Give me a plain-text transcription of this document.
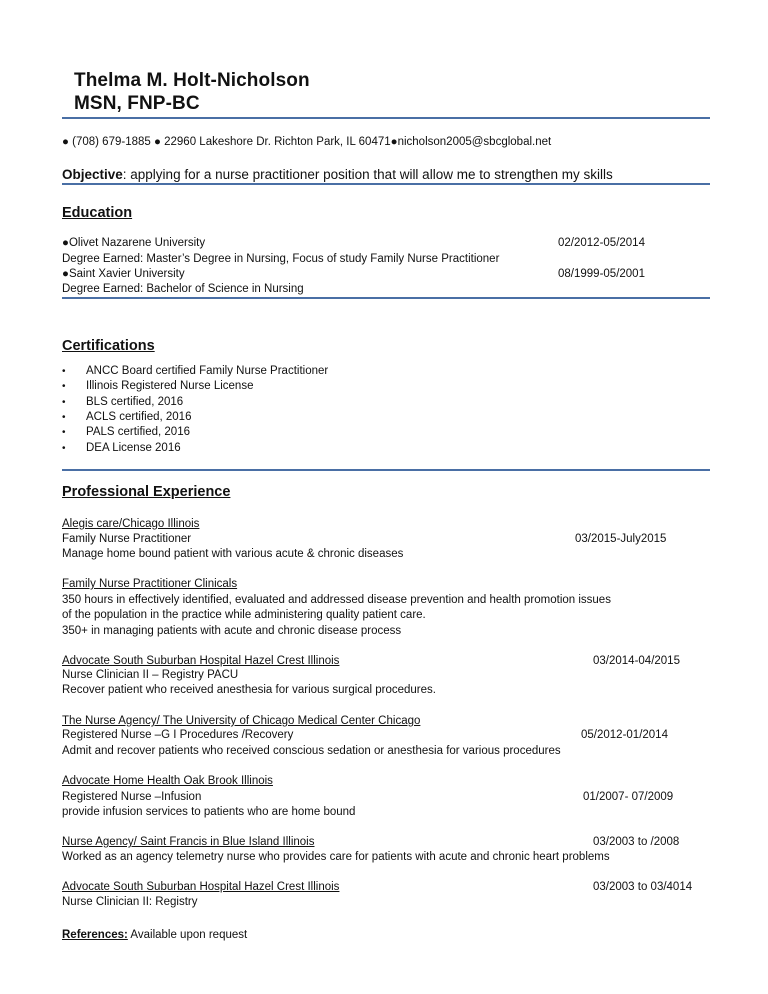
Thelma M. Holt-Nicholson
MSN, FNP-BC
● (708) 679-1885 ● 22960 Lakeshore Dr. Richton Park, IL 60471●nicholson2005@sbcglobal.net
Objective: applying for a nurse practitioner position that will allow me to strengthen my skills
Education
●Olivet Nazarene University	02/2012-05/2014
Degree Earned: Master’s Degree in Nursing, Focus of study Family Nurse Practitioner
●Saint Xavier University	08/1999-05/2001
Degree Earned: Bachelor of Science in Nursing
Certifications
• ANCC Board certified Family Nurse Practitioner
• Illinois Registered Nurse License
• BLS certified, 2016
• ACLS certified, 2016
• PALS certified, 2016
• DEA License 2016
Professional Experience
Alegis care/Chicago Illinois
Family Nurse Practitioner	03/2015-July2015
Manage home bound patient with various acute & chronic diseases
Family Nurse Practitioner Clinicals
350 hours in effectively identified, evaluated and addressed disease prevention and health promotion issues
of the population in the practice while administering quality patient care.
350+ in managing patients with acute and chronic disease process
Advocate South Suburban Hospital Hazel Crest Illinois	03/2014-04/2015
Nurse Clinician II – Registry PACU
Recover patient who received anesthesia for various surgical procedures.
The Nurse Agency/ The University of Chicago Medical Center Chicago
Registered Nurse –G I Procedures /Recovery	05/2012-01/2014
Admit and recover patients who received conscious sedation or anesthesia for various procedures
Advocate Home Health Oak Brook Illinois
Registered Nurse –Infusion	01/2007- 07/2009
provide infusion services to patients who are home bound
Nurse Agency/ Saint Francis in Blue Island Illinois	03/2003 to /2008
Worked as an agency telemetry nurse who provides care for patients with acute and chronic heart problems
Advocate South Suburban Hospital Hazel Crest Illinois	03/2003 to 03/4014
Nurse Clinician II: Registry
References: Available upon request
